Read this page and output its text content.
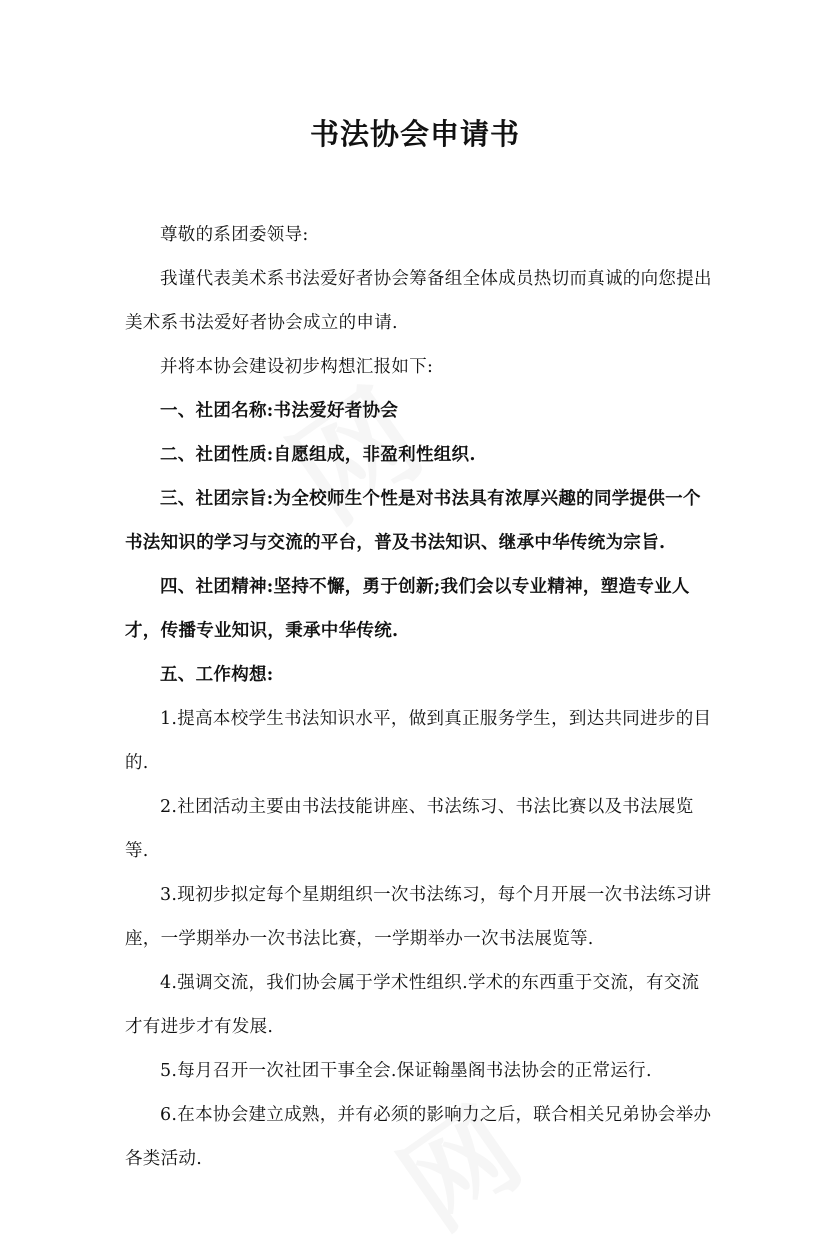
书法协会申请书

尊敬的系团委领导:

我谨代表美术系书法爱好者协会筹备组全体成员热切而真诚的向您提出美术系书法爱好者协会成立的申请.

并将本协会建设初步构想汇报如下:

一、社团名称:书法爱好者协会

二、社团性质:自愿组成，非盈利性组织.

三、社团宗旨:为全校师生个性是对书法具有浓厚兴趣的同学提供一个书法知识的学习与交流的平台，普及书法知识、继承中华传统为宗旨.

四、社团精神:坚持不懈，勇于创新;我们会以专业精神，塑造专业人才，传播专业知识，秉承中华传统.

五、工作构想:

1.提高本校学生书法知识水平，做到真正服务学生，到达共同进步的目的.

2.社团活动主要由书法技能讲座、书法练习、书法比赛以及书法展览等.

3.现初步拟定每个星期组织一次书法练习，每个月开展一次书法练习讲座，一学期举办一次书法比赛，一学期举办一次书法展览等.

4.强调交流，我们协会属于学术性组织.学术的东西重于交流，有交流才有进步才有发展.

5.每月召开一次社团干事全会.保证翰墨阁书法协会的正常运行.

6.在本协会建立成熟，并有必须的影响力之后，联合相关兄弟协会举办各类活动.
